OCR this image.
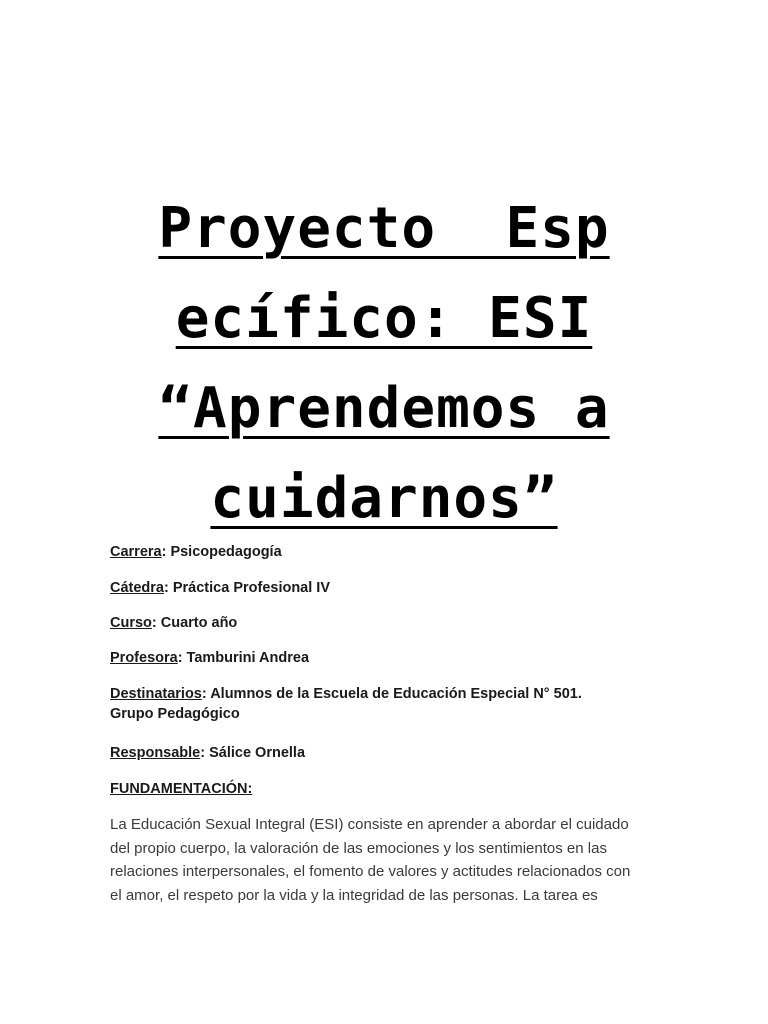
Proyecto  Esp
ecífico: ESI
“Aprendemos a
cuidarnos”
Carrera: Psicopedagogía
Cátedra: Práctica Profesional IV
Curso: Cuarto año
Profesora: Tamburini Andrea
Destinatarios: Alumnos de la Escuela de Educación Especial N° 501.
Grupo Pedagógico
Responsable: Sálice Ornella
FUNDAMENTACIÓN:
La Educación Sexual Integral (ESI) consiste en aprender a abordar el cuidado
del propio cuerpo, la valoración de las emociones y los sentimientos en las
relaciones interpersonales, el fomento de valores y actitudes relacionados con
el amor, el respeto por la vida y la integridad de las personas. La tarea es
